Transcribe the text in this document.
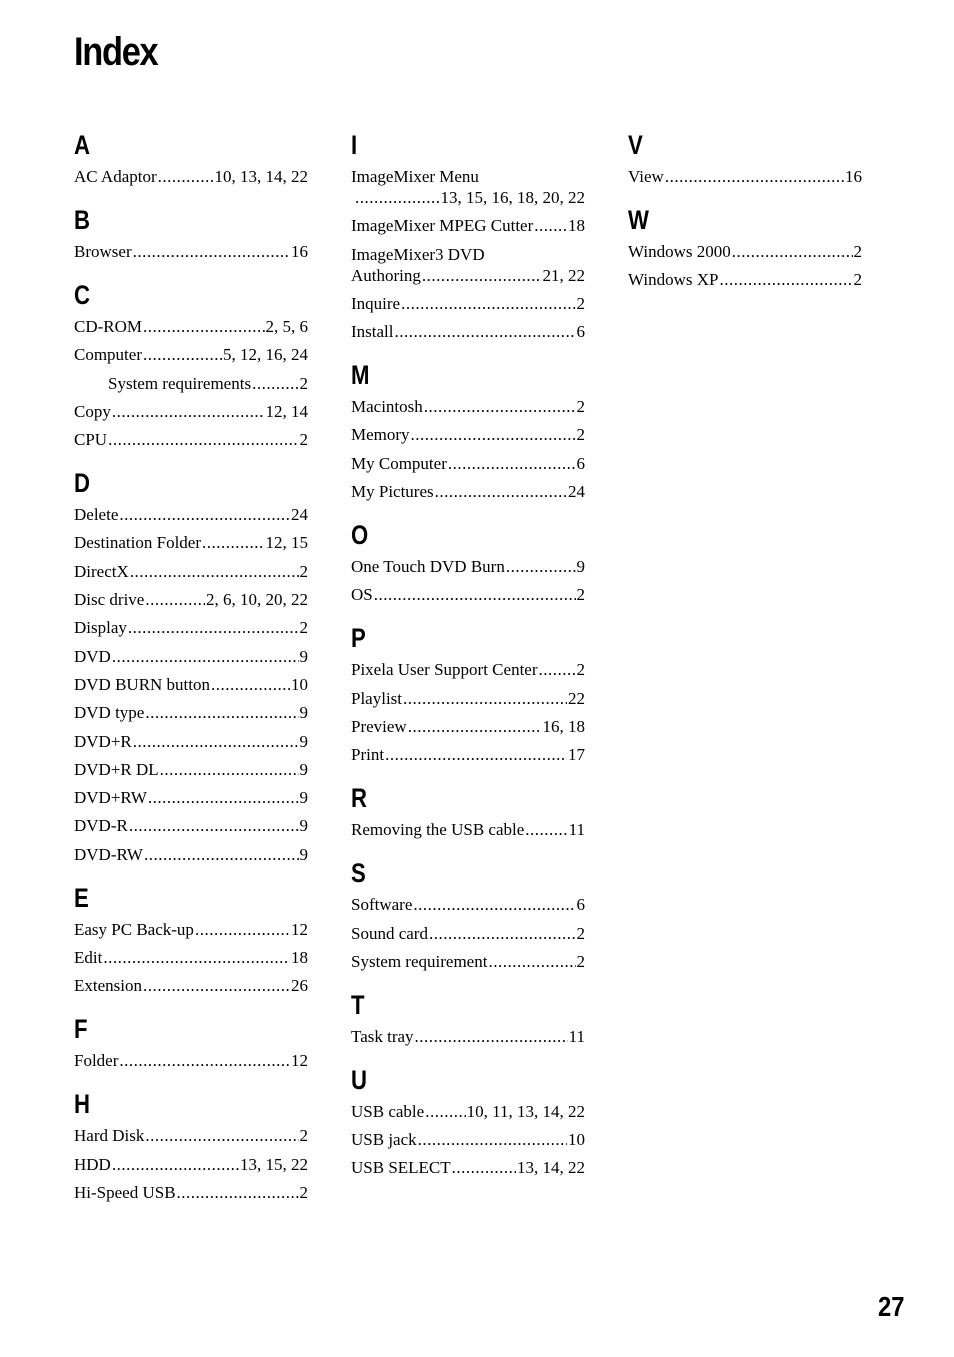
Index
A
AC Adaptor .....	10, 13, 14, 22
B
Browser .....	16
C
CD-ROM .....	2, 5, 6
Computer .....	5, 12, 16, 24
System requirements .....	2
Copy .....	12, 14
CPU .....	2
D
Delete .....	24
Destination Folder .....	12, 15
DirectX .....	2
Disc drive .....	2, 6, 10, 20, 22
Display .....	2
DVD .....	9
DVD BURN button .....	10
DVD type .....	9
DVD+R .....	9
DVD+R DL .....	9
DVD+RW .....	9
DVD-R .....	9
DVD-RW .....	9
E
Easy PC Back-up .....	12
Edit .....	18
Extension .....	26
F
Folder .....	12
H
Hard Disk .....	2
HDD .....	13, 15, 22
Hi-Speed USB .....	2
I
ImageMixer Menu
.....
13, 15, 16, 18, 20, 22
ImageMixer MPEG Cutter ..... 18
ImageMixer3 DVD
Authoring .....	21, 22
Inquire .....	2
Install .....	6
M
Macintosh .....	2
Memory .....	2
My Computer .....	6
My Pictures .....	24
O
One Touch DVD Burn .....	9
OS .....	2
P
Pixela User Support Center ..... 2
Playlist .....	22
Preview .....	16, 18
Print .....	17
R
Removing the USB cable .....	11
S
Software .....	6
Sound card .....	2
System requirement .....	2
T
Task tray .....	11
U
USB cable ..... 10, 11, 13, 14, 22
USB jack .....	10
USB SELECT .....	13, 14, 22
V
View .....	16
W
Windows 2000 .....	2
Windows XP .....	2
27
